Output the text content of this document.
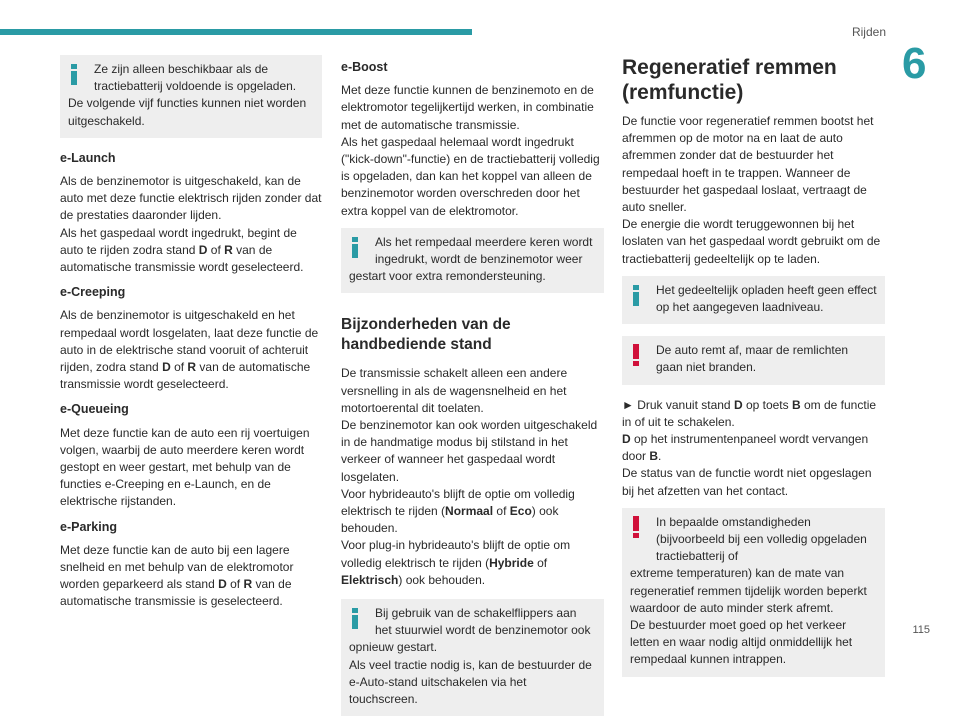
Rijden
6
Ze zijn alleen beschikbaar als de tractiebatterij voldoende is opgeladen.
De volgende vijf functies kunnen niet worden uitgeschakeld.
e-Launch

Als de benzinemotor is uitgeschakeld, kan de auto met deze functie elektrisch rijden zonder dat de prestaties daaronder lijden.
Als het gaspedaal wordt ingedrukt, begint de auto te rijden zodra stand D of R van de automatische transmissie wordt geselecteerd.

e-Creeping

Als de benzinemotor is uitgeschakeld en het rempedaal wordt losgelaten, laat deze functie de auto in de elektrische stand vooruit of achteruit rijden, zodra stand D of R van de automatische transmissie wordt geselecteerd.

e-Queueing

Met deze functie kan de auto een rij voertuigen volgen, waarbij de auto meerdere keren wordt gestopt en weer gestart, met behulp van de functies e-Creeping en e-Launch, en de elektrische rijstanden.

e-Parking

Met deze functie kan de auto bij een lagere snelheid en met behulp van de elektromotor worden geparkeerd als stand D of R van de automatische transmissie is geselecteerd.

e-Boost

Met deze functie kunnen de benzinemoto en de elektromotor tegelijkertijd werken, in combinatie met de automatische transmissie.
Als het gaspedaal helemaal wordt ingedrukt ("kick-down"-functie) en de tractiebatterij volledig is opgeladen, dan kan het koppel van alleen de benzinemotor worden overschreden door het extra koppel van de elektromotor.

Als het rempedaal meerdere keren wordt ingedrukt, wordt de benzinemotor weer
gestart voor extra remondersteuning.
Bijzonderheden van de handbediende stand

De transmissie schakelt alleen een andere versnelling in als de wagensnelheid en het motortoerental dit toelaten.
De benzinemotor kan ook worden uitgeschakeld in de handmatige modus bij stilstand in het verkeer of wanneer het gaspedaal wordt losgelaten.
Voor hybrideauto's blijft de optie om volledig elektrisch te rijden (Normaal of Eco) ook behouden.
Voor plug-in hybrideauto's blijft de optie om volledig elektrisch te rijden (Hybride of Elektrisch) ook behouden.

Bij gebruik van de schakelflippers aan het stuurwiel wordt de benzinemotor ook
opnieuw gestart.
Als veel tractie nodig is, kan de bestuurder de e-Auto-stand uitschakelen via het touchscreen.
Regeneratief remmen (remfunctie)

De functie voor regeneratief remmen bootst het afremmen op de motor na en laat de auto afremmen zonder dat de bestuurder het rempedaal hoeft in te trappen. Wanneer de bestuurder het gaspedaal loslaat, vertraagt de auto sneller.
De energie die wordt teruggewonnen bij het loslaten van het gaspedaal wordt gebruikt om de tractiebatterij gedeeltelijk op te laden.

Het gedeeltelijk opladen heeft geen effect op het aangegeven laadniveau.
De auto remt af, maar de remlichten gaan niet branden.

► Druk vanuit stand D op toets B om de functie in of uit te schakelen.
D op het instrumentenpaneel wordt vervangen door B.
De status van de functie wordt niet opgeslagen bij het afzetten van het contact.

In bepaalde omstandigheden (bijvoorbeeld bij een volledig opgeladen tractiebatterij of
extreme temperaturen) kan de mate van regeneratief remmen tijdelijk worden beperkt waardoor de auto minder sterk afremt.
De bestuurder moet goed op het verkeer letten en waar nodig altijd onmiddellijk het rempedaal kunnen intrappen.
115
